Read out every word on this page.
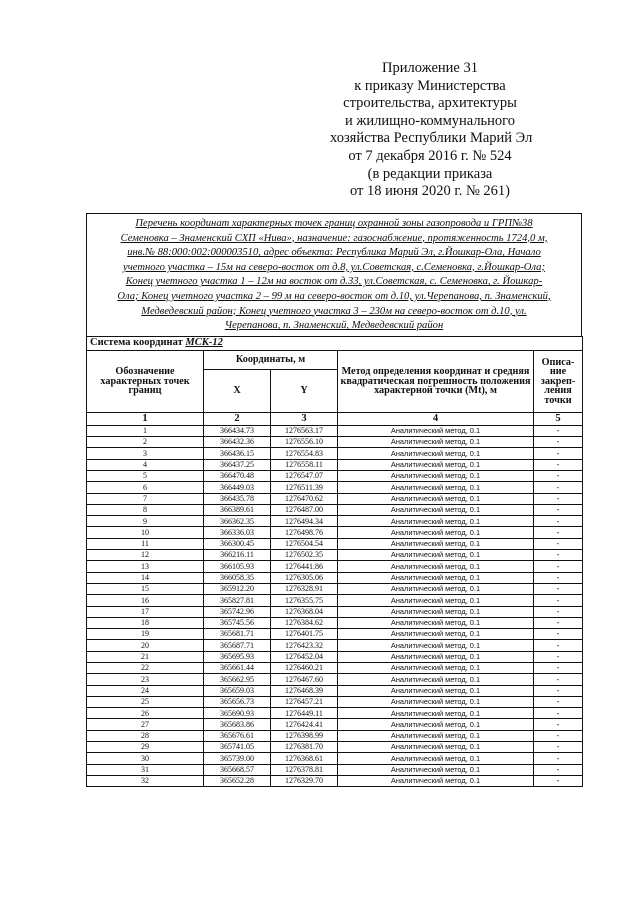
Приложение 31
к приказу Министерства
строительства, архитектуры
и жилищно-коммунального
хозяйства Республики Марий Эл
от 7 декабря 2016 г. № 524
(в редакции приказа
от 18 июня 2020 г. № 261)
Перечень координат характерных точек границ охранной зоны газопровода и ГРП№38
Семеновка – Знаменский СХП «Нива», назначение: газоснабжение, протяженность 1724,0 м,
инв.№ 88:000:002:000003510, адрес объекта: Республика Марий Эл, г.Йошкар-Ола, Начало
учетного участка – 15м на северо-восток от д.8, ул.Советская, с.Семеновка, г.Йошкар-Ола;
Конец учетного участка 1 – 12м на восток от д.33, ул.Советская, с. Семеновка, г. Йошкар-
Ола; Конец учетного участка 2 – 99 м на северо-восток от д.10, ул.Черепанова, п. Знаменский,
Медведевский район; Конец учетного участка 3 – 230м на северо-восток от д.10, ул.
Черепанова, п. Знаменский, Медведевский район
Система координат МСК-12				
Обозначение характерных точек границ	Координаты, м		Метод определения координат и средняя квадратическая погрешность положения характерной точки (Mt), м	Описа-ние закреп-ления точки
	X	Y		
1	2	3	4	5
1	366434.73	1276563.17	Аналитический метод, 0.1	-
2	366432.36	1276556.10	Аналитический метод, 0.1	-
3	366436.15	1276554.83	Аналитический метод, 0.1	-
4	366437.25	1276558.11	Аналитический метод, 0.1	-
5	366470.48	1276547.07	Аналитический метод, 0.1	-
6	366449.03	1276511.39	Аналитический метод, 0.1	-
7	366435.78	1276470.62	Аналитический метод, 0.1	-
8	366389.61	1276487.00	Аналитический метод, 0.1	-
9	366362.35	1276494.34	Аналитический метод, 0.1	-
10	366336.03	1276498.76	Аналитический метод, 0.1	-
11	366300.45	1276504.54	Аналитический метод, 0.1	-
12	366216.11	1276502.35	Аналитический метод, 0.1	-
13	366105.93	1276441.86	Аналитический метод, 0.1	-
14	366058.35	1276305.06	Аналитический метод, 0.1	-
15	365912.20	1276328.91	Аналитический метод, 0.1	-
16	365827.81	1276355.75	Аналитический метод, 0.1	-
17	365742.96	1276368.04	Аналитический метод, 0.1	-
18	365745.56	1276384.62	Аналитический метод, 0.1	-
19	365681.71	1276401.75	Аналитический метод, 0.1	-
20	365687.71	1276423.32	Аналитический метод, 0.1	-
21	365695.93	1276452.04	Аналитический метод, 0.1	-
22	365661.44	1276460.21	Аналитический метод, 0.1	-
23	365662.95	1276467.60	Аналитический метод, 0.1	-
24	365659.03	1276468.39	Аналитический метод, 0.1	-
25	365656.73	1276457.21	Аналитический метод, 0.1	-
26	365690.93	1276449.11	Аналитический метод, 0.1	-
27	365683.86	1276424.41	Аналитический метод, 0.1	-
28	365676.61	1276398.99	Аналитический метод, 0.1	-
29	365741.05	1276381.70	Аналитический метод, 0.1	-
30	365739.00	1276368.61	Аналитический метод, 0.1	-
31	365668.57	1276378.81	Аналитический метод, 0.1	-
32	365652.28	1276329.70	Аналитический метод, 0.1	-
